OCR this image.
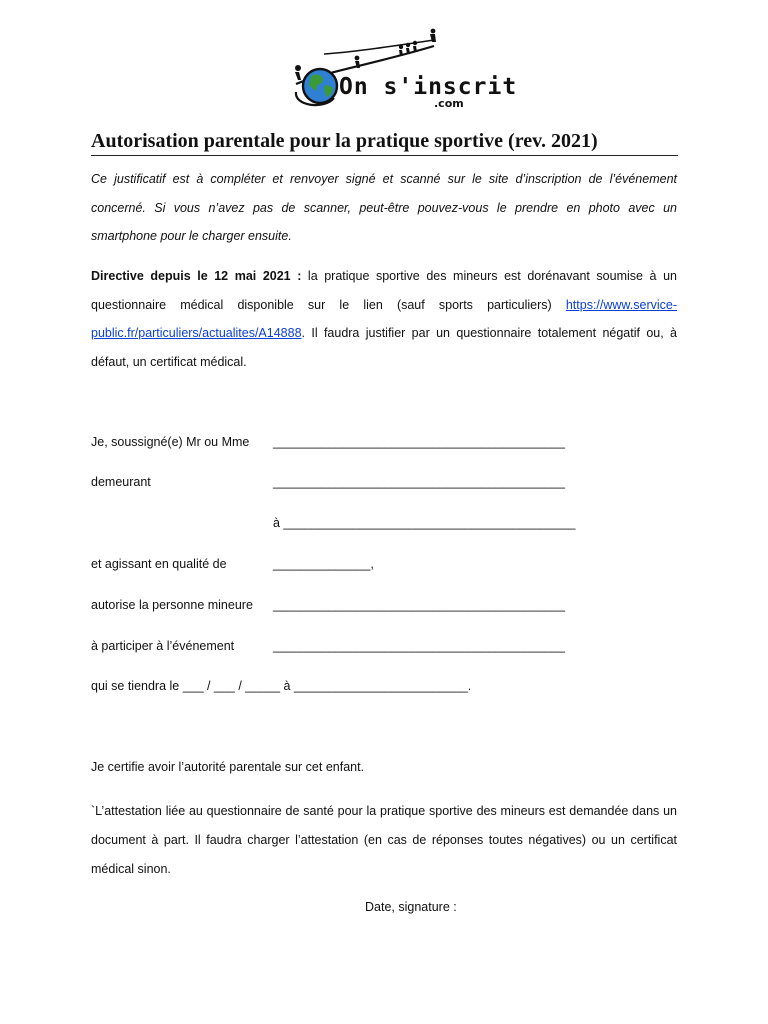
On s'inscrit
.com
Autorisation parentale pour la pratique sportive (rev. 2021)
Ce justificatif est à compléter et renvoyer signé et scanné sur le site d’inscription de l’événement concerné. Si vous n’avez pas de scanner, peut-être pouvez-vous le prendre en photo avec un smartphone pour le charger ensuite.
Directive depuis le 12 mai 2021 : la pratique sportive des mineurs est dorénavant soumise à un questionnaire médical disponible sur le lien (sauf sports particuliers) https://www.service-public.fr/particuliers/actualites/A14888. Il faudra justifier par un questionnaire totalement négatif ou, à défaut, un certificat médical.
Je, soussigné(e) Mr ou Mme __________________________________________
demeurant	__________________________________________
à __________________________________________
et agissant en qualité de	______________,
autorise la personne mineure __________________________________________
à participer à l’événement	__________________________________________
qui se tiendra le ___ / ___ / _____ à _________________________.
Je certifie avoir l’autorité parentale sur cet enfant.
`L’attestation liée au questionnaire de santé pour la pratique sportive des mineurs est demandée dans un document à part. Il faudra charger l’attestation (en cas de réponses toutes négatives) ou un certificat médical sinon.
Date, signature :
